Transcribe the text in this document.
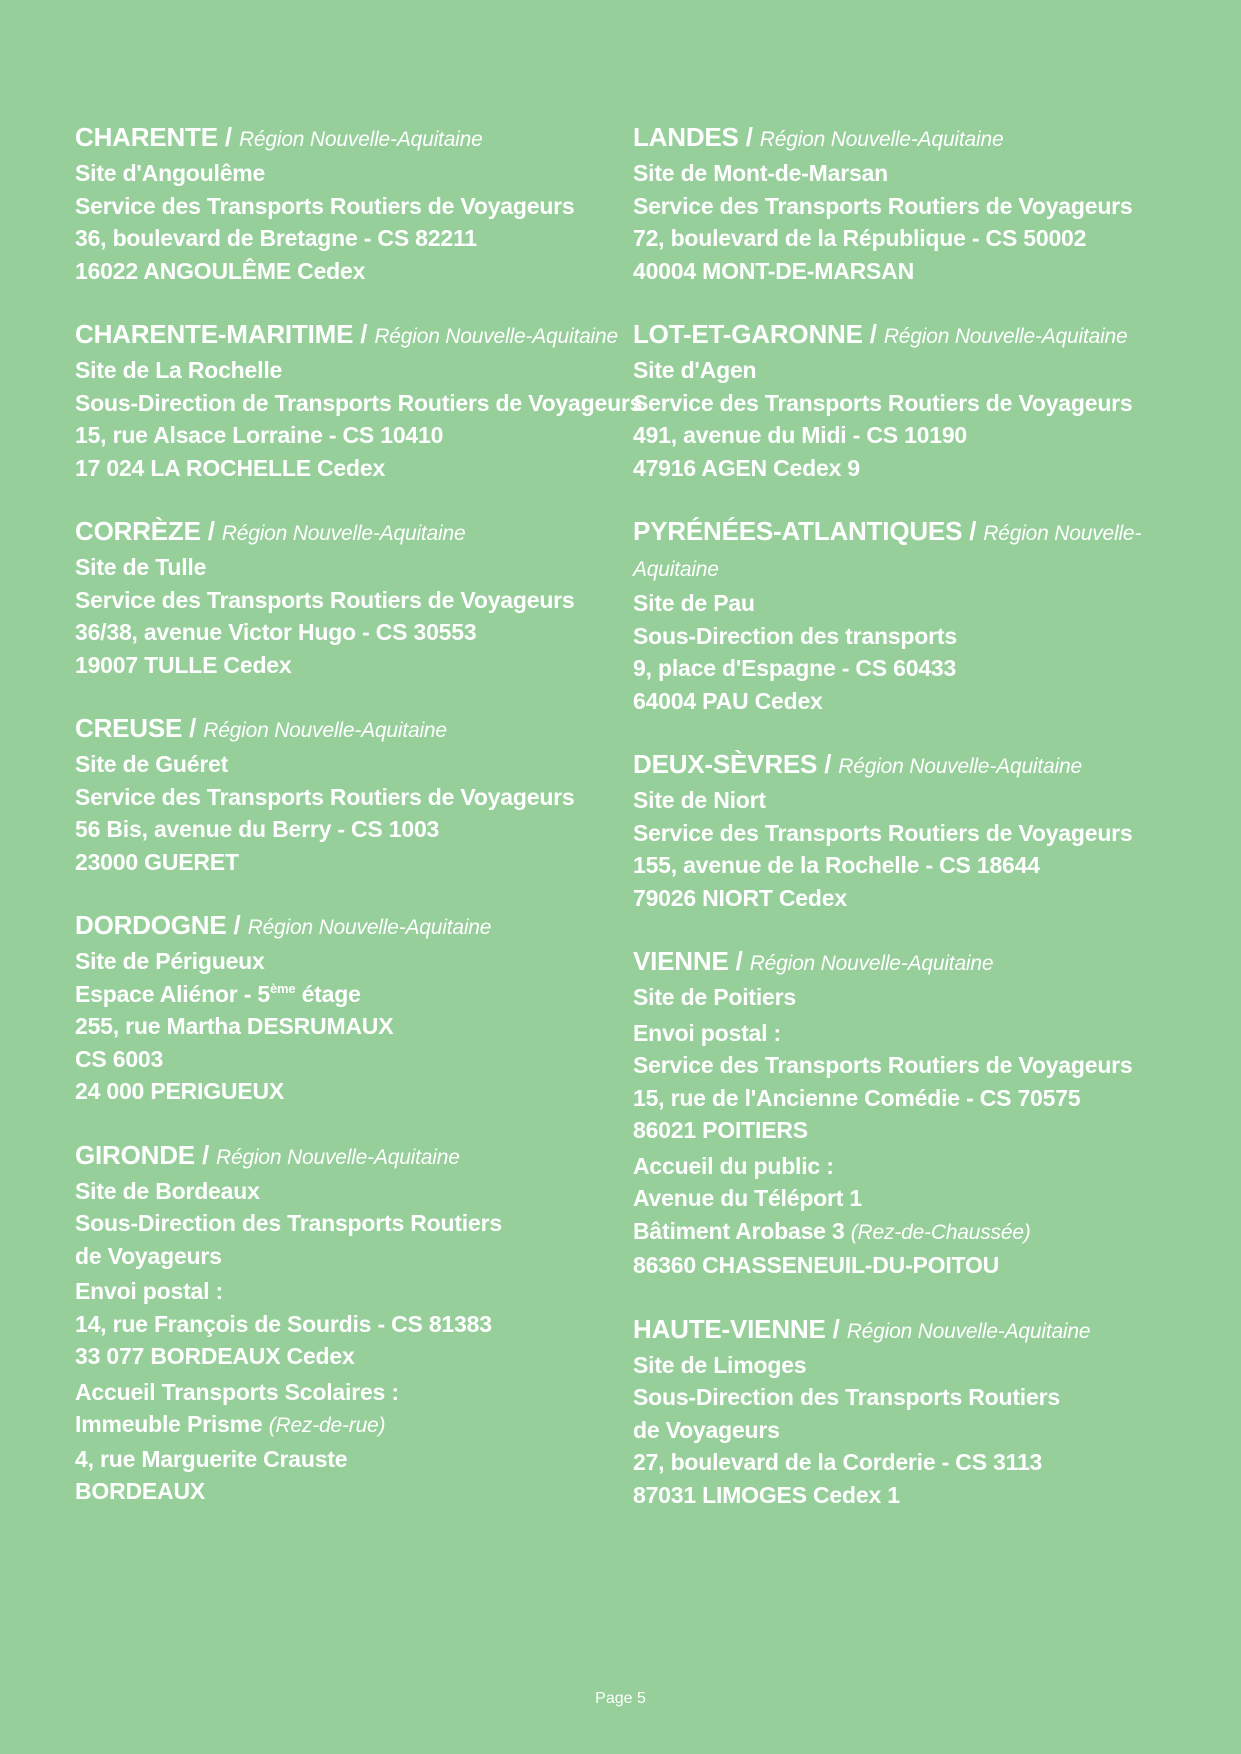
CHARENTE / Région Nouvelle-Aquitaine
Site d'Angoulême
Service des Transports Routiers de Voyageurs
36, boulevard de Bretagne - CS 82211
16022 ANGOULÊME Cedex
CHARENTE-MARITIME / Région Nouvelle-Aquitaine
Site de La Rochelle
Sous-Direction de Transports Routiers de Voyageurs
15, rue Alsace Lorraine - CS 10410
17 024 LA ROCHELLE Cedex
CORRÈZE / Région Nouvelle-Aquitaine
Site de Tulle
Service des Transports Routiers de Voyageurs
36/38, avenue Victor Hugo - CS 30553
19007 TULLE Cedex
CREUSE / Région Nouvelle-Aquitaine
Site de Guéret
Service des Transports Routiers de Voyageurs
56 Bis, avenue du Berry - CS 1003
23000 GUERET
DORDOGNE / Région Nouvelle-Aquitaine
Site de Périgueux
Espace Aliénor - 5ème étage
255, rue Martha DESRUMAUX
CS 6003
24 000 PERIGUEUX
GIRONDE / Région Nouvelle-Aquitaine
Site de Bordeaux
Sous-Direction des Transports Routiers
de Voyageurs
Envoi postal :
14, rue François de Sourdis - CS 81383
33 077 BORDEAUX Cedex
Accueil Transports Scolaires :
Immeuble Prisme (Rez-de-rue)
4, rue Marguerite Crauste
BORDEAUX
LANDES / Région Nouvelle-Aquitaine
Site de Mont-de-Marsan
Service des Transports Routiers de Voyageurs
72, boulevard de la République - CS 50002
40004 MONT-DE-MARSAN
LOT-ET-GARONNE / Région Nouvelle-Aquitaine
Site d'Agen
Service des Transports Routiers de Voyageurs
491, avenue du Midi - CS 10190
47916 AGEN Cedex 9
PYRÉNÉES-ATLANTIQUES / Région Nouvelle-Aquitaine
Site de Pau
Sous-Direction des transports
9, place d'Espagne - CS 60433
64004 PAU Cedex
DEUX-SÈVRES / Région Nouvelle-Aquitaine
Site de Niort
Service des Transports Routiers de Voyageurs
155, avenue de la Rochelle - CS 18644
79026 NIORT Cedex
VIENNE / Région Nouvelle-Aquitaine
Site de Poitiers
Envoi postal :
Service des Transports Routiers de Voyageurs
15, rue de l'Ancienne Comédie - CS 70575
86021 POITIERS
Accueil du public :
Avenue du Téléport 1
Bâtiment Arobase 3 (Rez-de-Chaussée)
86360 CHASSENEUIL-DU-POITOU
HAUTE-VIENNE / Région Nouvelle-Aquitaine
Site de Limoges
Sous-Direction des Transports Routiers
de Voyageurs
27, boulevard de la Corderie - CS 3113
87031 LIMOGES Cedex 1
Page 5
